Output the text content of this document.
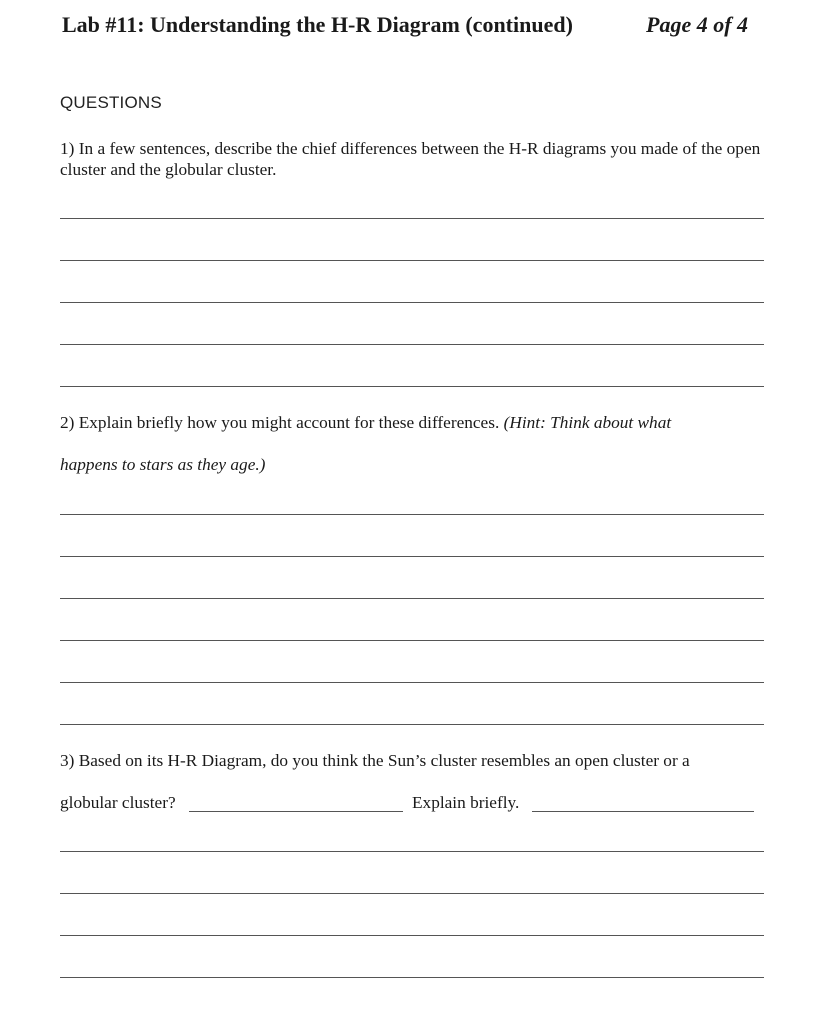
Lab #11: Understanding the H-R Diagram (continued)	Page 4 of 4
QUESTIONS
1) In a few sentences, describe the chief differences between the H-R diagrams you made of the open cluster and the globular cluster.
2) Explain briefly how you might account for these differences. (Hint: Think about what
happens to stars as they age.)
3) Based on its H-R Diagram, do you think the Sun’s cluster resembles an open cluster or a
globular cluster?	Explain briefly.
